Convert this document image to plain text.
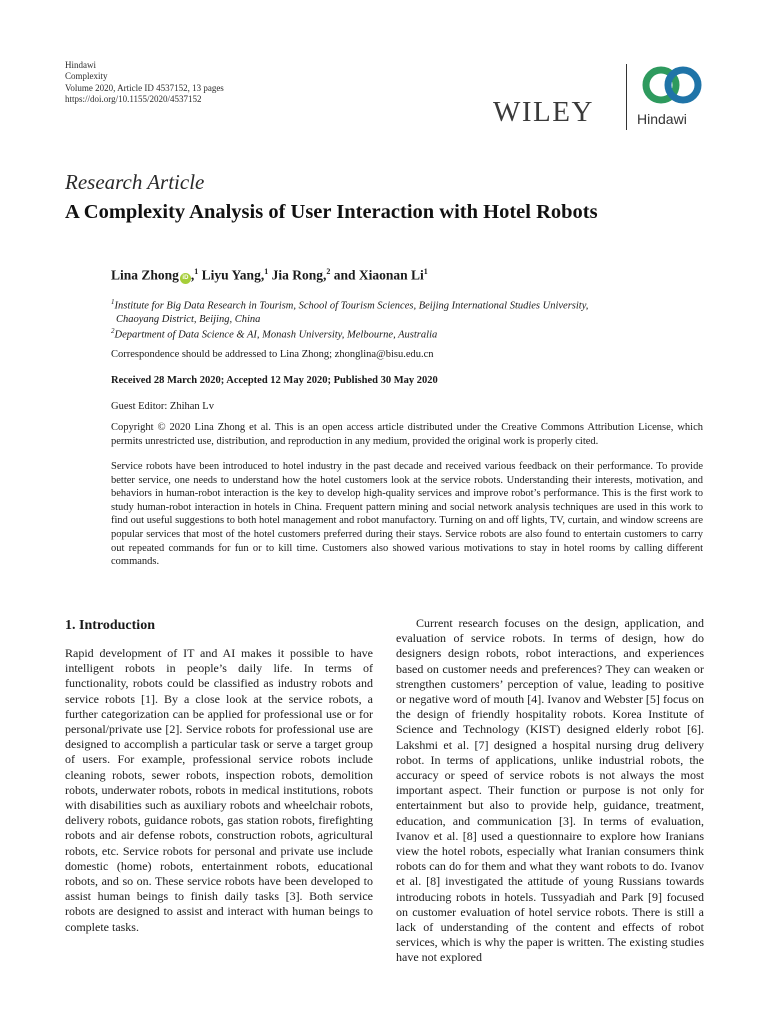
Hindawi
Complexity
Volume 2020, Article ID 4537152, 13 pages
https://doi.org/10.1155/2020/4537152	WILEY	Hindawi
Research Article
A Complexity Analysis of User Interaction with Hotel Robots
Lina Zhong iD ,$^1$ Liyu Yang,$^1$ Jia Rong,$^2$ and Xiaonan Li$^1$
$^1$Institute for Big Data Research in Tourism, School of Tourism Sciences, Beijing International Studies University,
Chaoyang District, Beijing, China
$^2$Department of Data Science & AI, Monash University, Melbourne, Australia
Correspondence should be addressed to Lina Zhong; zhonglina@bisu.edu.cn
Received 28 March 2020; Accepted 12 May 2020; Published 30 May 2020
Guest Editor: Zhihan Lv
Copyright © 2020 Lina Zhong et al. This is an open access article distributed under the Creative Commons Attribution License, which permits unrestricted use, distribution, and reproduction in any medium, provided the original work is properly cited.
Service robots have been introduced to hotel industry in the past decade and received various feedback on their performance. To provide better service, one needs to understand how the hotel customers look at the service robots. Understanding their interests, motivation, and behaviors in human-robot interaction is the key to develop high-quality services and improve robot’s performance. This is the first work to study human-robot interaction in hotels in China. Frequent pattern mining and social network analysis techniques are used in this work to find out useful suggestions to both hotel management and robot manufactory. Turning on and off lights, TV, curtain, and window screens are popular services that most of the hotel customers preferred during their stays. Service robots are also found to entertain customers to carry out repeated commands for fun or to kill time. Customers also showed various motivations to stay in hotel rooms by calling different commands.
1. Introduction

Rapid development of IT and AI makes it possible to have intelligent robots in people’s daily life. In terms of functionality, robots could be classified as industry robots and service robots [1]. By a close look at the service robots, a further categorization can be applied for professional use or for personal/private use [2]. Service robots for professional use are designed to accomplish a particular task or serve a target group of users. For example, professional service robots include cleaning robots, sewer robots, inspection robots, demolition robots, underwater robots, robots in medical institutions, robots with disabilities such as auxiliary robots and wheelchair robots, delivery robots, guidance robots, gas station robots, firefighting robots and air defense robots, construction robots, agricultural robots, etc. Service robots for personal and private use include domestic (home) robots, entertainment robots, educational robots, and so on. These service robots have been developed to assist human beings to finish daily tasks [3]. Both service robots are designed to assist and interact with human beings to complete tasks.

Current research focuses on the design, application, and evaluation of service robots. In terms of design, how do designers design robots, robot interactions, and experiences based on customer needs and preferences? They can weaken or strengthen customers’ perception of value, leading to positive or negative word of mouth [4]. Ivanov and Webster [5] focus on the design of friendly hospitality robots. Korea Institute of Science and Technology (KIST) designed elderly robot [6]. Lakshmi et al. [7] designed a hospital nursing drug delivery robot. In terms of applications, unlike industrial robots, the accuracy or speed of service robots is not always the most important aspect. Their function or purpose is not only for entertainment but also to provide help, guidance, treatment, education, and communication [3]. In terms of evaluation, Ivanov et al. [8] used a questionnaire to explore how Iranians view the hotel robots, especially what Iranian consumers think robots can do for them and what they want robots to do. Ivanov et al. [8] investigated the attitude of young Russians towards introducing robots in hotels. Tussyadiah and Park [9] focused on customer evaluation of hotel service robots. There is still a lack of understanding of the content and effects of robot services, which is why the paper is written. The existing studies have not explored
